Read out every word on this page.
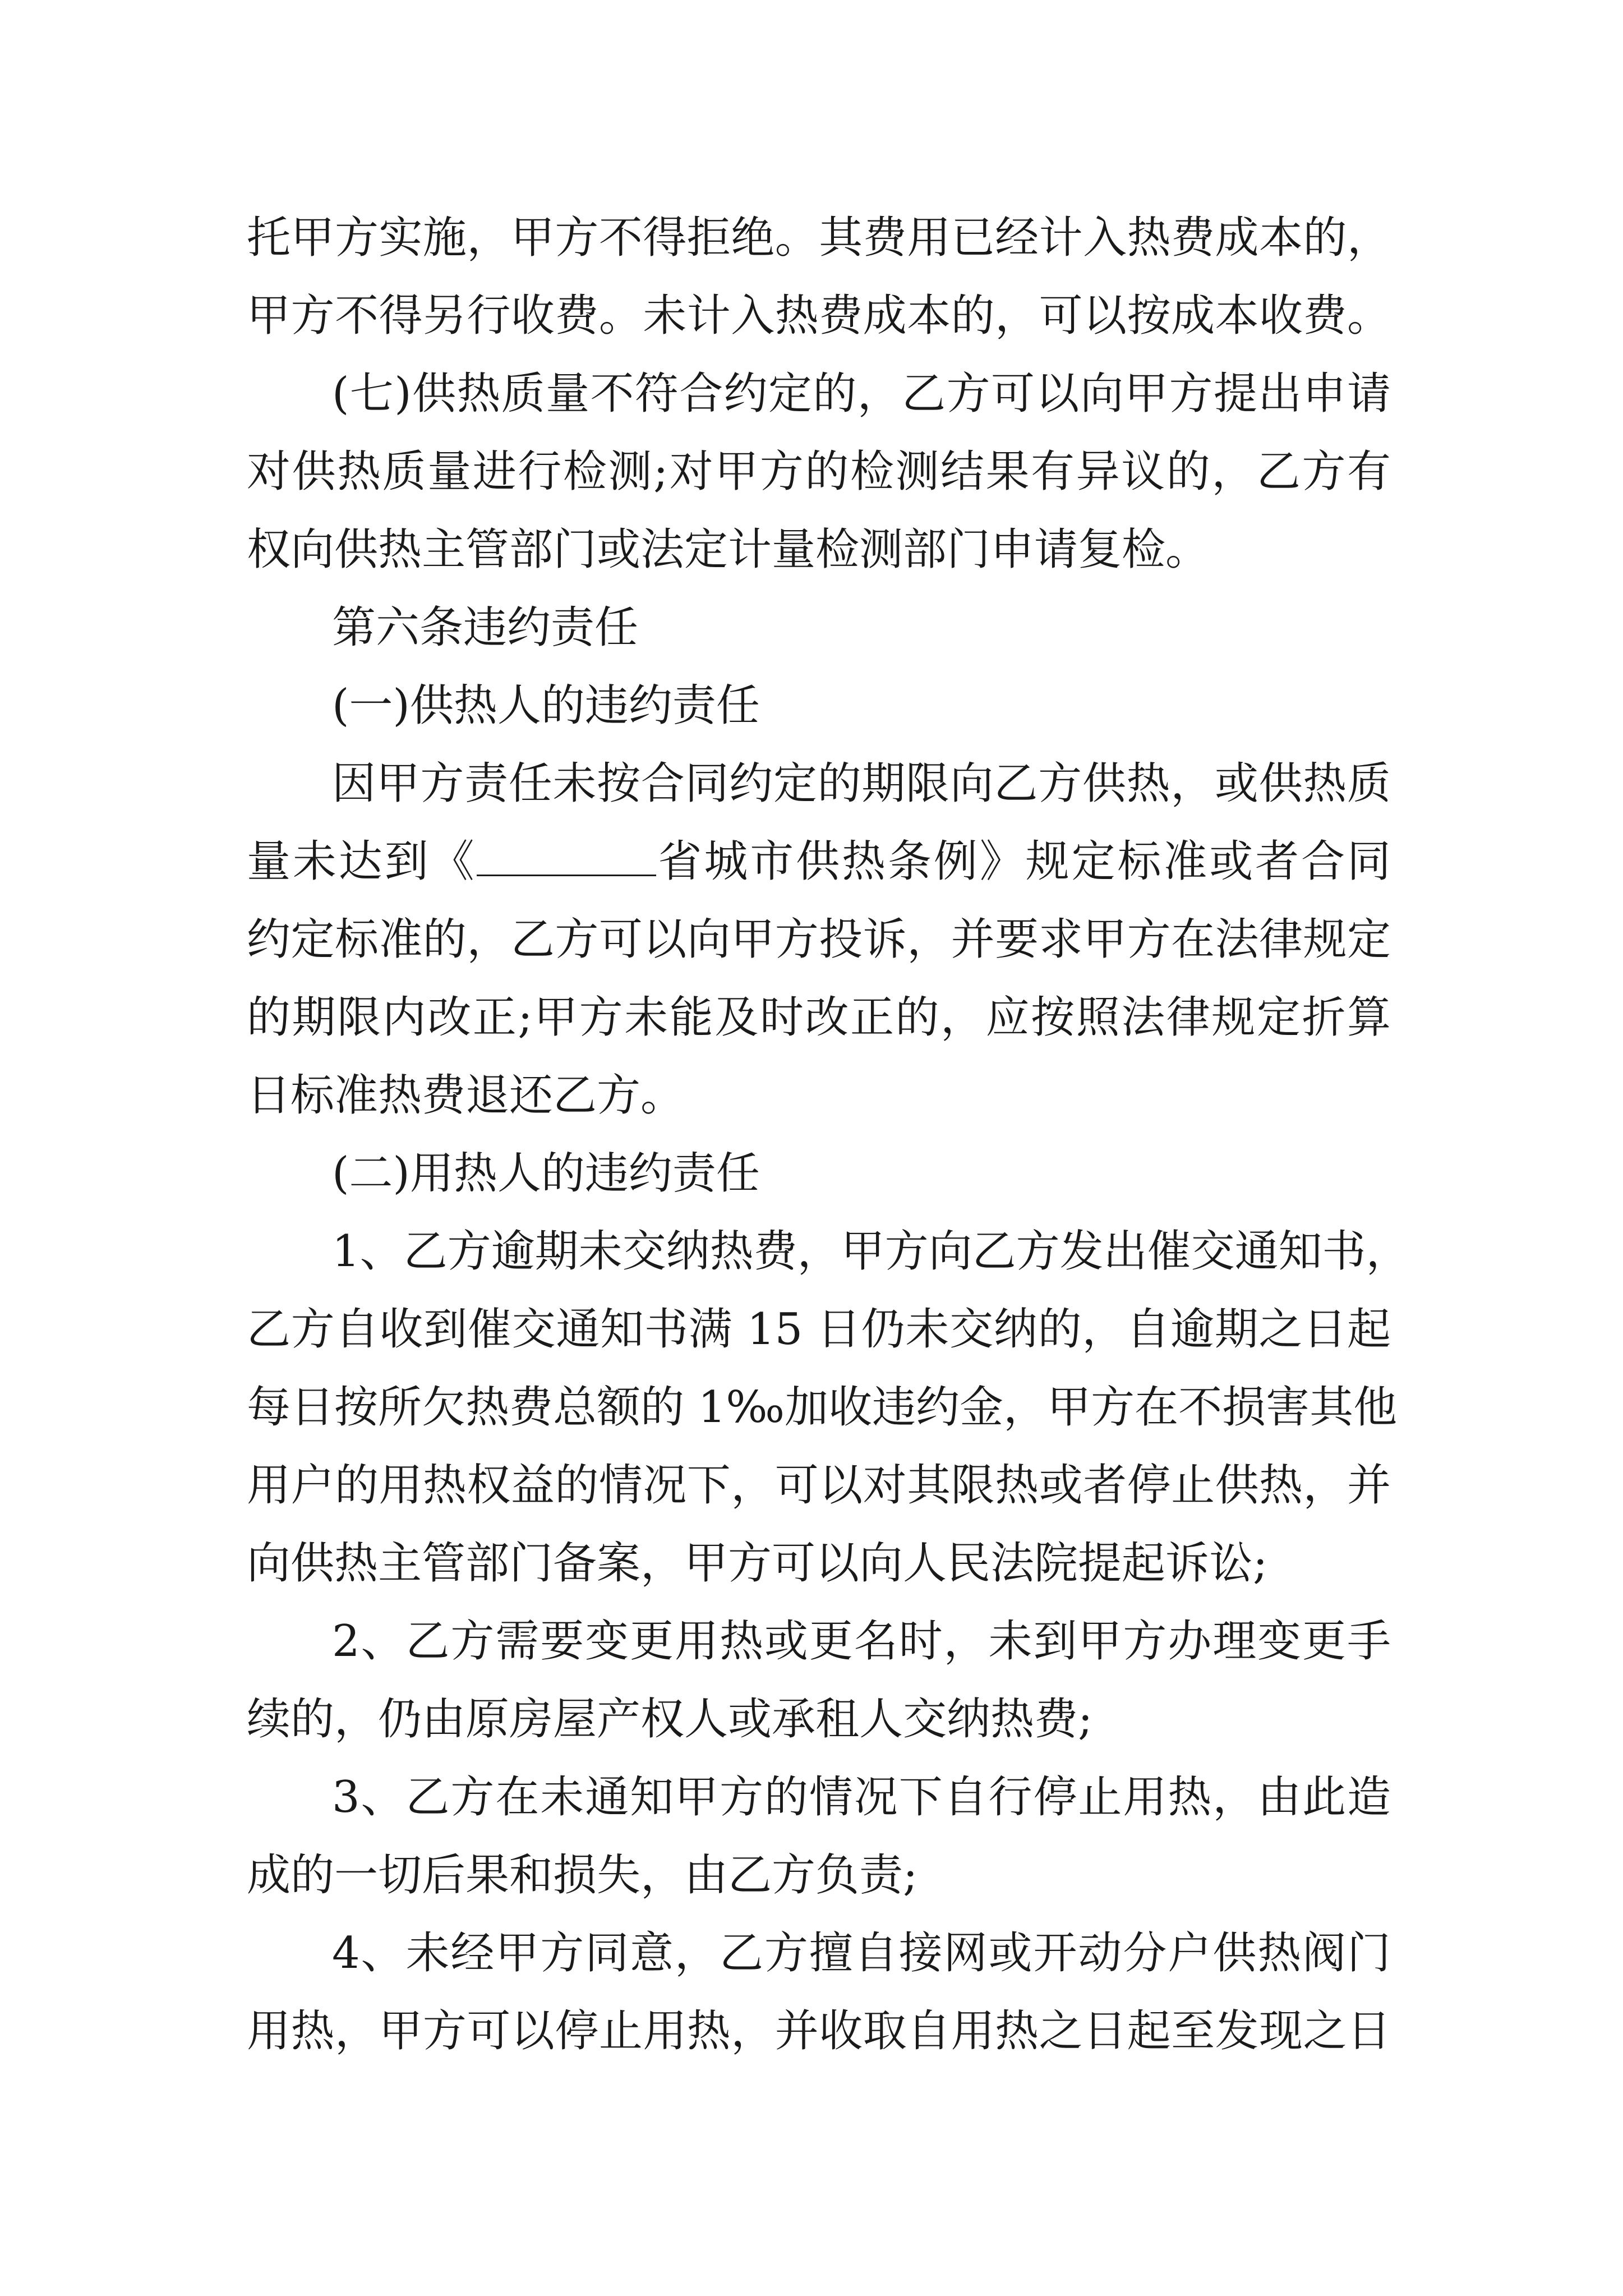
托甲方实施，甲方不得拒绝。其费用已经计入热费成本的，
甲方不得另行收费。未计入热费成本的，可以按成本收费。
(七)供热质量不符合约定的，乙方可以向甲方提出申请
对供热质量进行检测;对甲方的检测结果有异议的，乙方有
权向供热主管部门或法定计量检测部门申请复检。
第六条违约责任
(一)供热人的违约责任
因甲方责任未按合同约定的期限向乙方供热，或供热质
量未达到《	省城市供热条例》规定标准或者合同
约定标准的，乙方可以向甲方投诉，并要求甲方在法律规定
的期限内改正;甲方未能及时改正的，应按照法律规定折算
日标准热费退还乙方。
(二)用热人的违约责任
1、乙方逾期未交纳热费，甲方向乙方发出催交通知书，
乙方自收到催交通知书满 15 日仍未交纳的，自逾期之日起
每日按所欠热费总额的 1‰加收违约金，甲方在不损害其他
用户的用热权益的情况下，可以对其限热或者停止供热，并
向供热主管部门备案，甲方可以向人民法院提起诉讼;
2、乙方需要变更用热或更名时，未到甲方办理变更手
续的，仍由原房屋产权人或承租人交纳热费;
3、乙方在未通知甲方的情况下自行停止用热，由此造
成的一切后果和损失，由乙方负责;
4、未经甲方同意，乙方擅自接网或开动分户供热阀门
用热，甲方可以停止用热，并收取自用热之日起至发现之日
